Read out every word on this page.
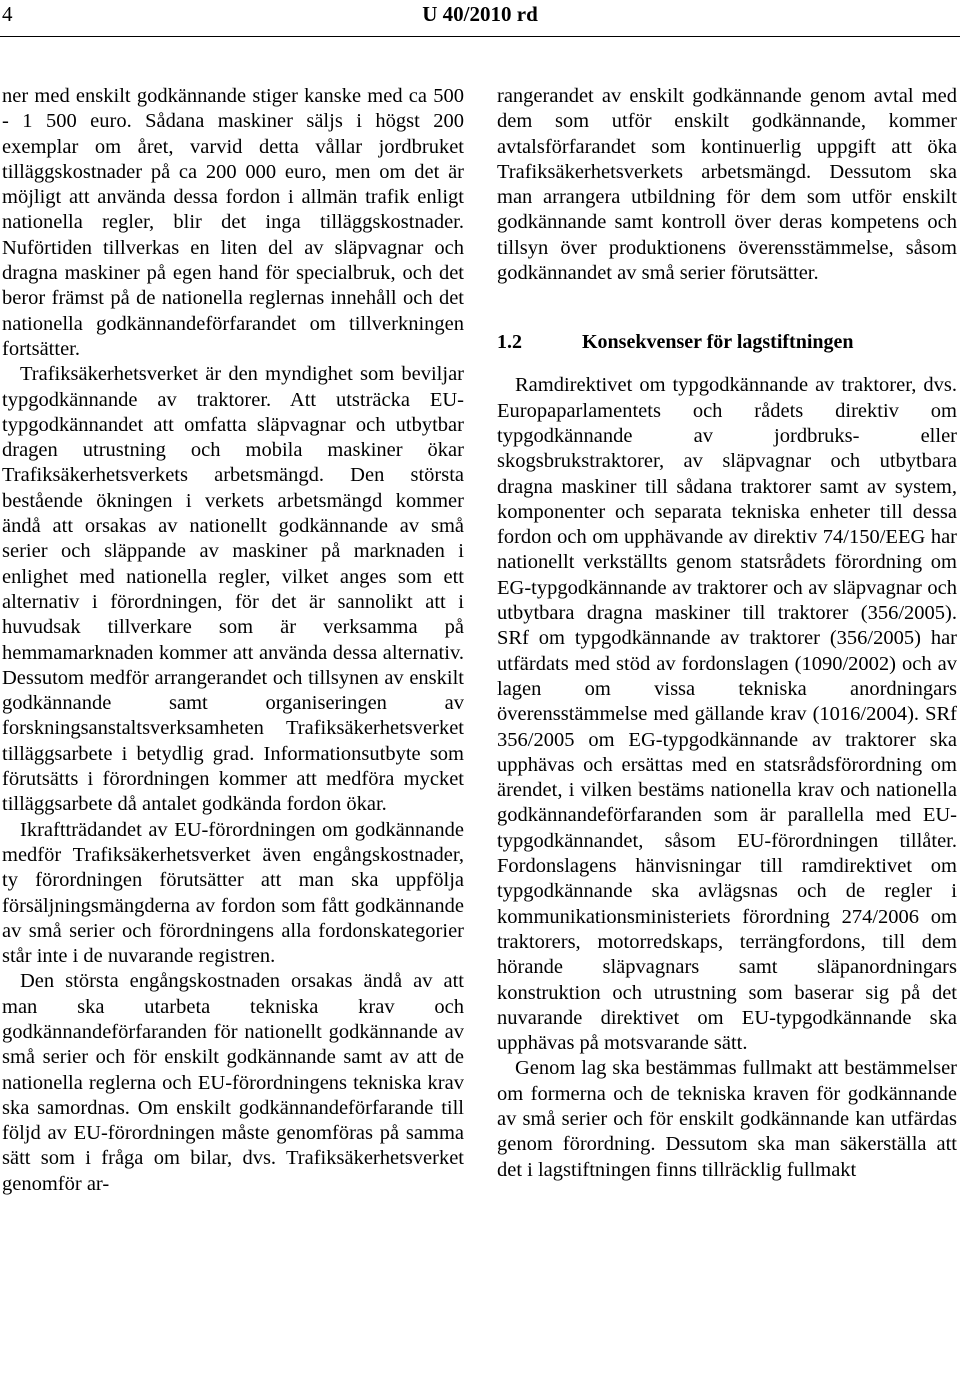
4	U 40/2010 rd

ner med enskilt godkännande stiger kanske med ca 500 - 1 500 euro. Sådana maskiner säljs i högst 200 exemplar om året, varvid detta vållar jordbruket tilläggskostnader på ca 200 000 euro, men om det är möjligt att använda dessa fordon i allmän trafik enligt nationella regler, blir det inga tilläggskostnader. Nuförtiden tillverkas en liten del av släpvagnar och dragna maskiner på egen hand för specialbruk, och det beror främst på de nationella reglernas innehåll och det nationella godkännandeförfarandet om tillverkningen fortsätter.

Trafiksäkerhetsverket är den myndighet som beviljar typgodkännande av traktorer. Att utsträcka EU-typgodkännandet att omfatta släpvagnar och utbytbar dragen utrustning och mobila maskiner ökar Trafiksäkerhetsverkets arbetsmängd. Den största bestående ökningen i verkets arbetsmängd kommer ändå att orsakas av nationellt godkännande av små serier och släppande av maskiner på marknaden i enlighet med nationella regler, vilket anges som ett alternativ i förordningen, för det är sannolikt att i huvudsak tillverkare som är verksamma på hemmamarknaden kommer att använda dessa alternativ. Dessutom medför arrangerandet och tillsynen av enskilt godkännande samt organiseringen av forskningsanstaltsverksamheten Trafiksäkerhetsverket tilläggsarbete i betydlig grad. Informationsutbyte som förutsätts i förordningen kommer att medföra mycket tilläggsarbete då antalet godkända fordon ökar.

Ikraftträdandet av EU-förordningen om godkännande medför Trafiksäkerhetsverket även engångskostnader, ty förordningen förutsätter att man ska uppfölja försäljningsmängderna av fordon som fått godkännande av små serier och förordningens alla fordonskategorier står inte i de nuvarande registren.

Den största engångskostnaden orsakas ändå av att man ska utarbeta tekniska krav och godkännandeförfaranden för nationellt godkännande av små serier och för enskilt godkännande samt av att de nationella reglerna och EU-förordningens tekniska krav ska samordnas. Om enskilt godkännandeförfarande till följd av EU-förordningen måste genomföras på samma sätt som i fråga om bilar, dvs. Trafiksäkerhetsverket genomför ar-

rangerandet av enskilt godkännande genom avtal med dem som utför enskilt godkännande, kommer avtalsförfarandet som kontinuerlig uppgift att öka Trafiksäkerhetsverkets arbetsmängd. Dessutom ska man arrangera utbildning för dem som utför enskilt godkännande samt kontroll över deras kompetens och tillsyn över produktionens överensstämmelse, såsom godkännandet av små serier förutsätter.

1.2	Konsekvenser för lagstiftningen

Ramdirektivet om typgodkännande av traktorer, dvs. Europaparlamentets och rådets direktiv om typgodkännande av jordbruks- eller skogsbrukstraktorer, av släpvagnar och utbytbara dragna maskiner till sådana traktorer samt av system, komponenter och separata tekniska enheter till dessa fordon och om upphävande av direktiv 74/150/EEG har nationellt verkställts genom statsrådets förordning om EG-typgodkännande av traktorer och av släpvagnar och utbytbara dragna maskiner till traktorer (356/2005). SRf om typgodkännande av traktorer (356/2005) har utfärdats med stöd av fordonslagen (1090/2002) och av lagen om vissa tekniska anordningars överensstämmelse med gällande krav (1016/2004). SRf 356/2005 om EG-typgodkännande av traktorer ska upphävas och ersättas med en statsrådsförordning om ärendet, i vilken bestäms nationella krav och nationella godkännandeförfaranden som är parallella med EU-typgodkännandet, såsom EU-förordningen tillåter. Fordonslagens hänvisningar till ramdirektivet om typgodkännande ska avlägsnas och de regler i kommunikationsministeriets förordning 274/2006 om traktorers, motorredskaps, terrängfordons, till dem hörande släpvagnars samt släpanordningars konstruktion och utrustning som baserar sig på det nuvarande direktivet om EU-typgodkännande ska upphävas på motsvarande sätt.

Genom lag ska bestämmas fullmakt att bestämmelser om formerna och de tekniska kraven för godkännande av små serier och för enskilt godkännande kan utfärdas genom förordning. Dessutom ska man säkerställa att det i lagstiftningen finns tillräcklig fullmakt
